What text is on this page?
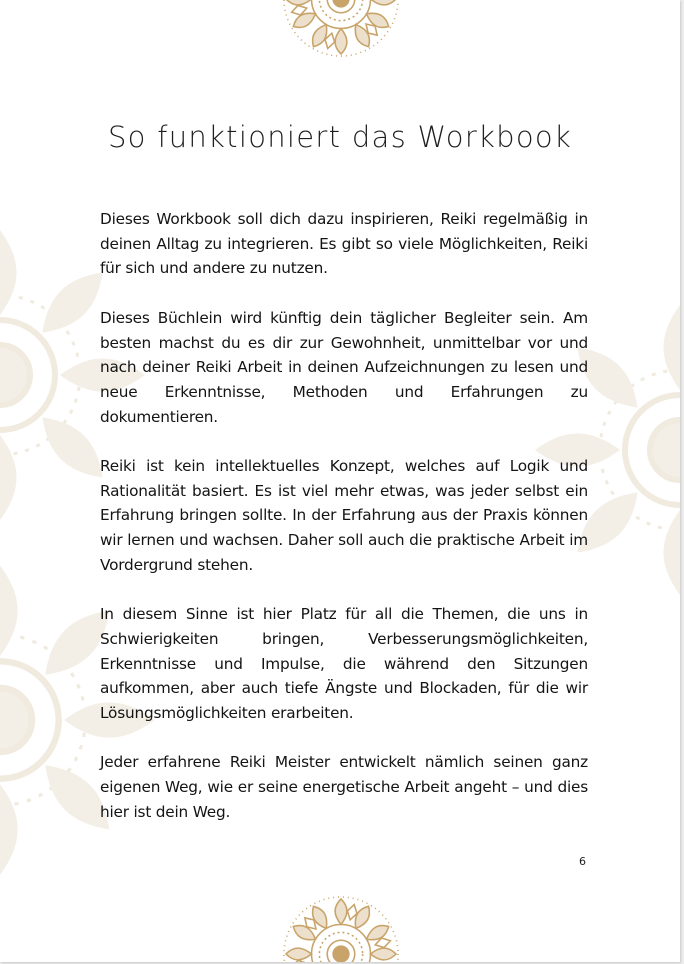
So funktioniert das Workbook

Dieses Workbook soll dich dazu inspirieren, Reiki regelmäßig in deinen Alltag zu integrieren. Es gibt so viele Möglichkeiten, Reiki für sich und andere zu nutzen.

Dieses Büchlein wird künftig dein täglicher Begleiter sein. Am besten machst du es dir zur Gewohnheit, unmittelbar vor und nach deiner Reiki Arbeit in deinen Aufzeichnungen zu lesen und neue Erkenntnisse, Methoden und Erfahrungen zu dokumentieren.

Reiki ist kein intellektuelles Konzept, welches auf Logik und Rationalität basiert. Es ist viel mehr etwas, was jeder selbst ein Erfahrung bringen sollte. In der Erfahrung aus der Praxis können wir lernen und wachsen. Daher soll auch die praktische Arbeit im Vordergrund stehen.

In diesem Sinne ist hier Platz für all die Themen, die uns in Schwierigkeiten bringen, Verbesserungsmöglichkeiten, Erkenntnisse und Impulse, die während den Sitzungen aufkommen, aber auch tiefe Ängste und Blockaden, für die wir Lösungsmöglichkeiten erarbeiten.

Jeder erfahrene Reiki Meister entwickelt nämlich seinen ganz eigenen Weg, wie er seine energetische Arbeit angeht – und dies hier ist dein Weg.

6
